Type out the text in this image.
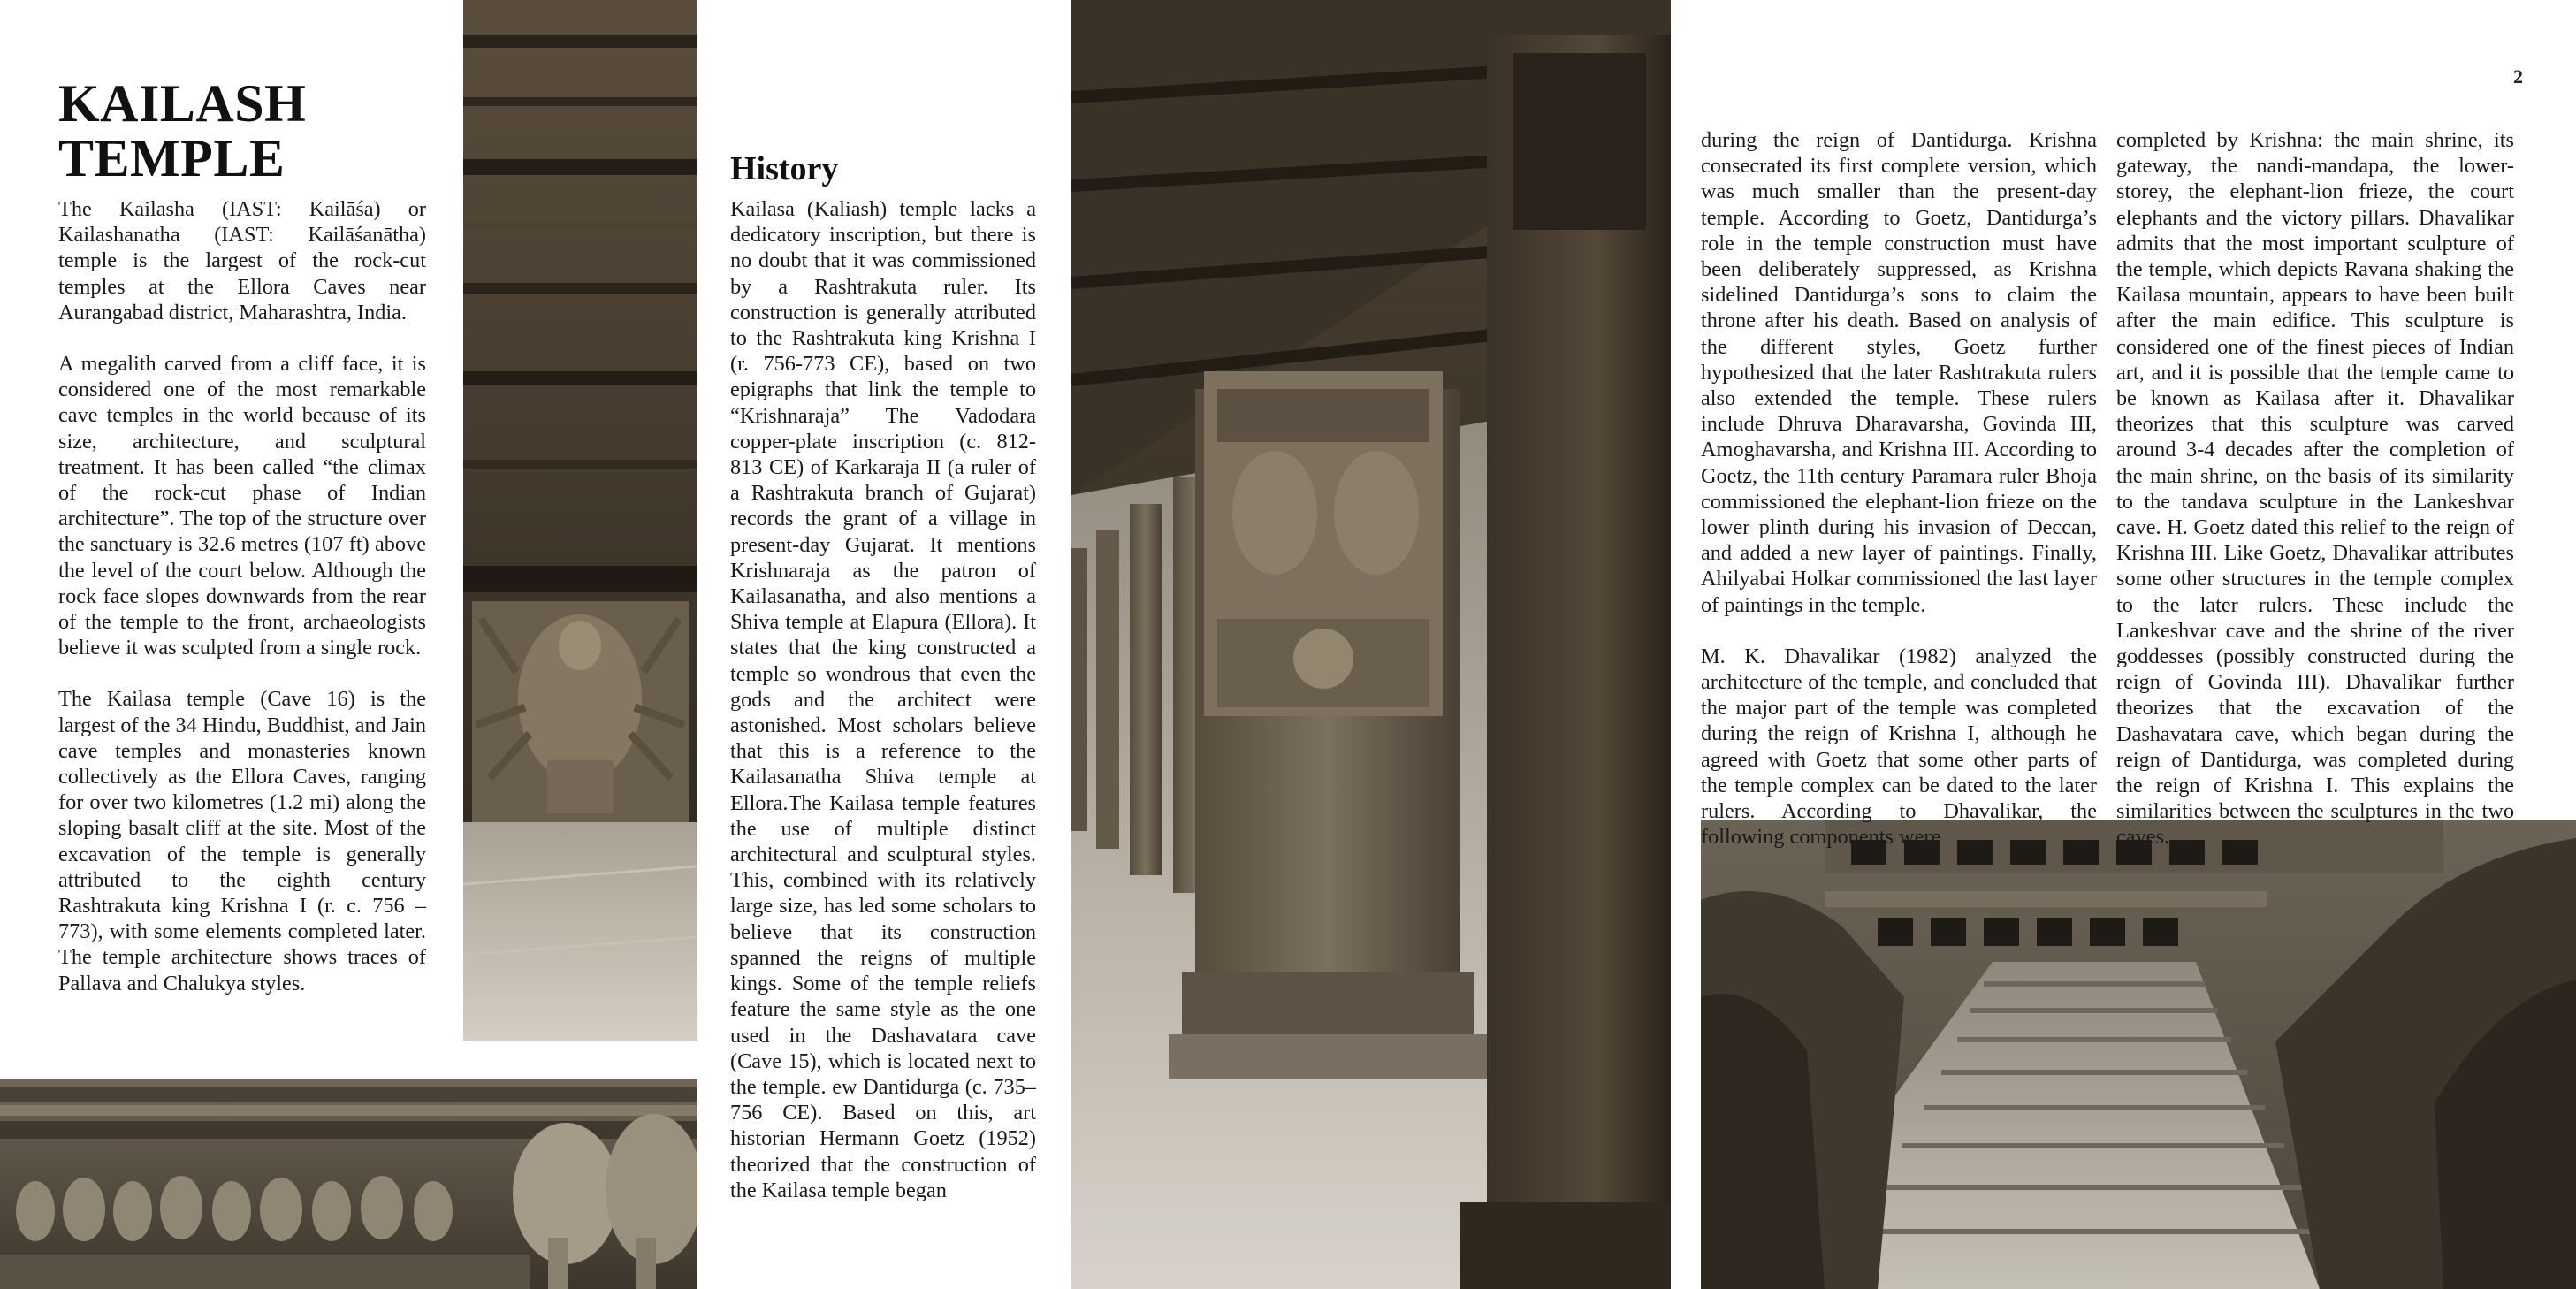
2
KAILASH
TEMPLE

The Kailasha (IAST: Kailāśa) or Kailashanatha (IAST: Kailāśanātha) temple is the largest of the rock-cut temples at the Ellora Caves near Aurangabad district, Maharashtra, India.

A megalith carved from a cliff face, it is considered one of the most remarkable cave temples in the world because of its size, architecture, and sculptural treatment. It has been called “the climax of the rock-cut phase of Indian architecture”. The top of the structure over the sanctuary is 32.6 metres (107 ft) above the level of the court below. Although the rock face slopes downwards from the rear of the temple to the front, archaeologists believe it was sculpted from a single rock.

The Kailasa temple (Cave 16) is the largest of the 34 Hindu, Buddhist, and Jain cave temples and monasteries known collectively as the Ellora Caves, ranging for over two kilometres (1.2 mi) along the sloping basalt cliff at the site. Most of the excavation of the temple is generally attributed to the eighth century Rashtrakuta king Krishna I (r. c. 756 – 773), with some elements completed later. The temple architecture shows traces of Pallava and Chalukya styles.

History

Kailasa (Kaliash) temple lacks a dedicatory inscription, but there is no doubt that it was commissioned by a Rashtrakuta ruler. Its construction is generally attributed to the Rashtrakuta king Krishna I (r. 756-773 CE), based on two epigraphs that link the temple to “Krishnaraja” The Vadodara copper-plate inscription (c. 812-813 CE) of Karkaraja II (a ruler of a Rashtrakuta branch of Gujarat) records the grant of a village in present-day Gujarat. It mentions Krishnaraja as the patron of Kailasanatha, and also mentions a Shiva temple at Elapura (Ellora). It states that the king constructed a temple so wondrous that even the gods and the architect were astonished. Most scholars believe that this is a reference to the Kailasanatha Shiva temple at Ellora.The Kailasa temple features the use of multiple distinct architectural and sculptural styles. This, combined with its relatively large size, has led some scholars to believe that its construction spanned the reigns of multiple kings. Some of the temple reliefs feature the same style as the one used in the Dashavatara cave (Cave 15), which is located next to the temple. ew Dantidurga (c. 735–756 CE). Based on this, art historian Hermann Goetz (1952) theorized that the construction of the Kailasa temple began

during the reign of Dantidurga. Krishna consecrated its first complete version, which was much smaller than the present-day temple. According to Goetz, Dantidurga’s role in the temple construction must have been deliberately suppressed, as Krishna sidelined Dantidurga’s sons to claim the throne after his death. Based on analysis of the different styles, Goetz further hypothesized that the later Rashtrakuta rulers also extended the temple. These rulers include Dhruva Dharavarsha, Govinda III, Amoghavarsha, and Krishna III. According to Goetz, the 11th century Paramara ruler Bhoja commissioned the elephant-lion frieze on the lower plinth during his invasion of Deccan, and added a new layer of paintings. Finally, Ahilyabai Holkar commissioned the last layer of paintings in the temple.

M. K. Dhavalikar (1982) analyzed the architecture of the temple, and concluded that the major part of the temple was completed during the reign of Krishna I, although he agreed with Goetz that some other parts of the temple complex can be dated to the later rulers. According to Dhavalikar, the following components were

completed by Krishna: the main shrine, its gateway, the nandi-mandapa, the lower-storey, the elephant-lion frieze, the court elephants and the victory pillars. Dhavalikar admits that the most important sculpture of the temple, which depicts Ravana shaking the Kailasa mountain, appears to have been built after the main edifice. This sculpture is considered one of the finest pieces of Indian art, and it is possible that the temple came to be known as Kailasa after it. Dhavalikar theorizes that this sculpture was carved around 3-4 decades after the completion of the main shrine, on the basis of its similarity to the tandava sculpture in the Lankeshvar cave. H. Goetz dated this relief to the reign of Krishna III. Like Goetz, Dhavalikar attributes some other structures in the temple complex to the later rulers. These include the Lankeshvar cave and the shrine of the river goddesses (possibly constructed during the reign of Govinda III). Dhavalikar further theorizes that the excavation of the Dashavatara cave, which began during the reign of Dantidurga, was completed during the reign of Krishna I. This explains the similarities between the sculptures in the two caves.
